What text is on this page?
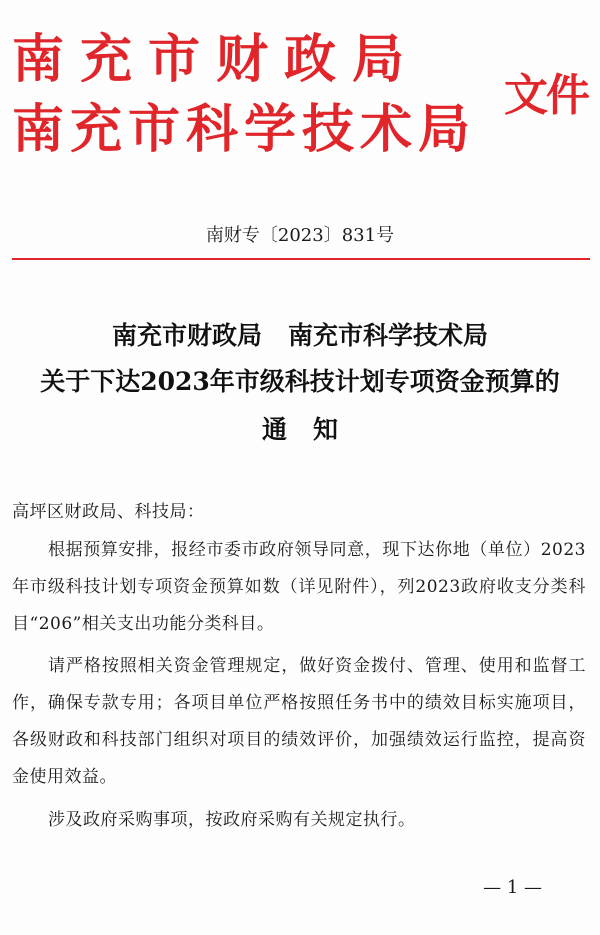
南充市财政局
南充市科学技术局
文件
南财专〔2023〕831号
南充市财政局 南充市科学技术局
关于下达2023年市级科技计划专项资金预算的
通知
高坪区财政局、科技局：
根据预算安排，报经市委市政府领导同意，现下达你地（单位）2023年市级科技计划专项资金预算如数（详见附件），列2023政府收支分类科目“206”相关支出功能分类科目。
请严格按照相关资金管理规定，做好资金拨付、管理、使用和监督工作，确保专款专用；各项目单位严格按照任务书中的绩效目标实施项目，各级财政和科技部门组织对项目的绩效评价，加强绩效运行监控，提高资金使用效益。
涉及政府采购事项，按政府采购有关规定执行。
— 1 —
